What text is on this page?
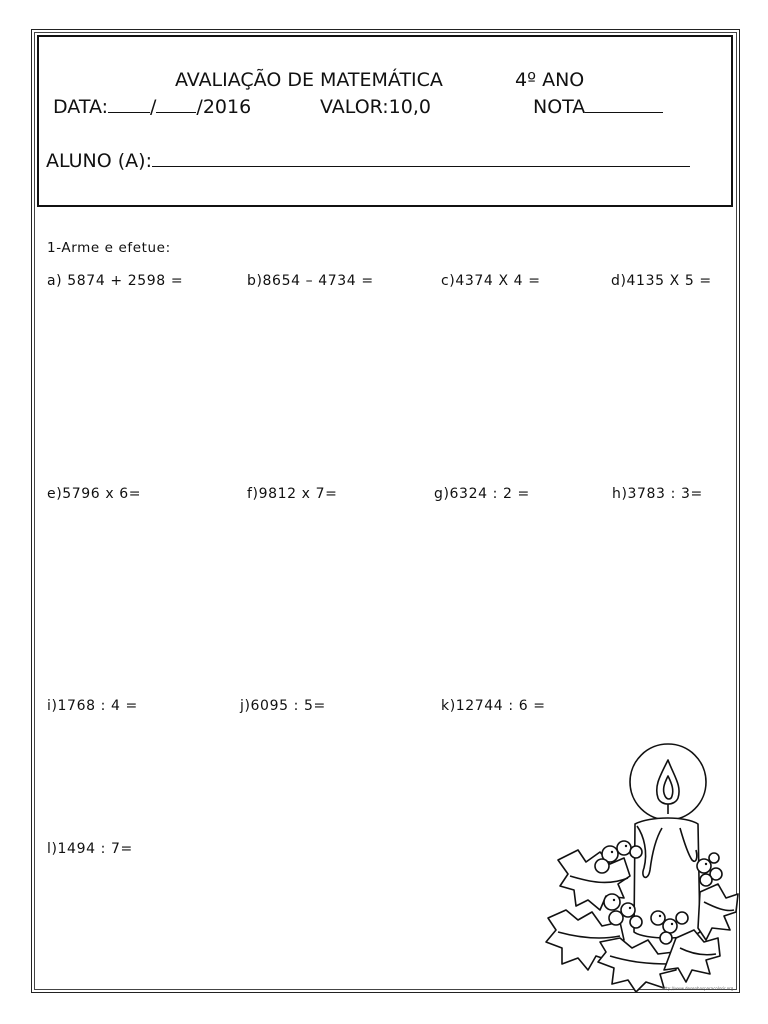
AVALIAÇÃO DE MATEMÁTICA	4º ANO
DATA: / /2016	VALOR:10,0	NOTA
ALUNO (A):
1-Arme e efetue:
a) 5874 + 2598 =	b)8654 – 4734 =	c)4374 X 4 =	d)4135 X 5 =
e)5796 x 6=	f)9812 x 7=	g)6324 : 2 =	h)3783 : 3=
i)1768 : 4 =	j)6095 : 5=	k)12744 : 6 =
l)1494 : 7=
http://www.desenhosparacolorir.org
